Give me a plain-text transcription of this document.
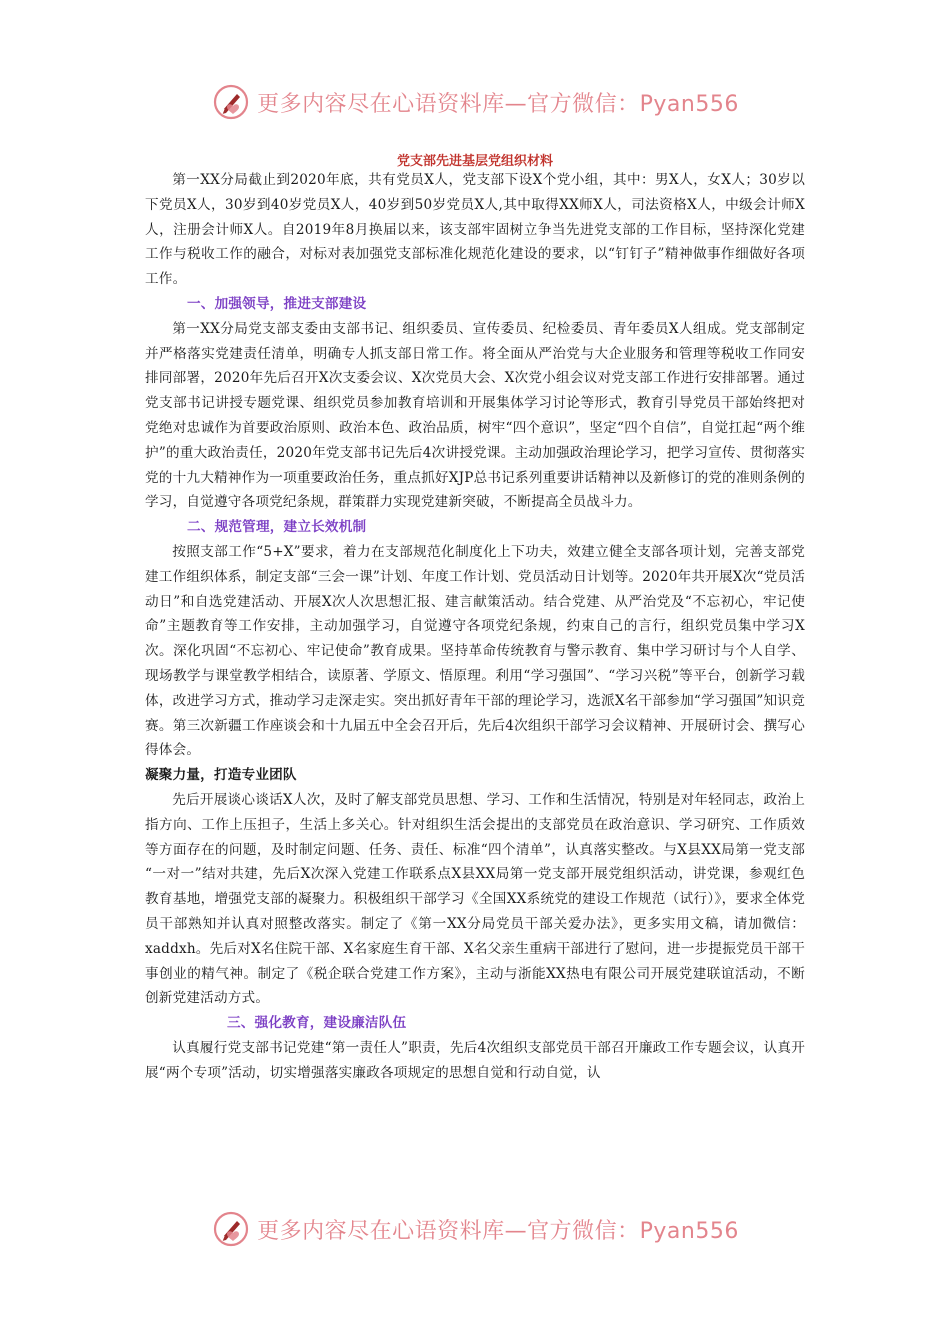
更多内容尽在心语资料库—官方微信：Pyan556
党支部先进基层党组织材料

第一XX分局截止到2020年底，共有党员X人，党支部下设X个党小组，其中：男X人，女X人；30岁以下党员X人，30岁到40岁党员X人，40岁到50岁党员X人,其中取得XX师X人，司法资格X人，中级会计师X人，注册会计师X人。自2019年8月换届以来，该支部牢固树立争当先进党支部的工作目标，坚持深化党建工作与税收工作的融合，对标对表加强党支部标准化规范化建设的要求，以“钉钉子”精神做事作细做好各项工作。

一、加强领导，推进支部建设

第一XX分局党支部支委由支部书记、组织委员、宣传委员、纪检委员、青年委员X人组成。党支部制定并严格落实党建责任清单，明确专人抓支部日常工作。将全面从严治党与大企业服务和管理等税收工作同安排同部署，2020年先后召开X次支委会议、X次党员大会、X次党小组会议对党支部工作进行安排部署。通过党支部书记讲授专题党课、组织党员参加教育培训和开展集体学习讨论等形式，教育引导党员干部始终把对党绝对忠诚作为首要政治原则、政治本色、政治品质，树牢“四个意识”，坚定“四个自信”，自觉扛起“两个维护”的重大政治责任，2020年党支部书记先后4次讲授党课。主动加强政治理论学习，把学习宣传、贯彻落实党的十九大精神作为一项重要政治任务，重点抓好XJP总书记系列重要讲话精神以及新修订的党的准则条例的学习，自觉遵守各项党纪条规，群策群力实现党建新突破，不断提高全员战斗力。

二、规范管理，建立长效机制

按照支部工作“5+X”要求，着力在支部规范化制度化上下功夫，效建立健全支部各项计划，完善支部党建工作组织体系，制定支部“三会一课”计划、年度工作计划、党员活动日计划等。2020年共开展X次“党员活动日”和自选党建活动、开展X次人次思想汇报、建言献策活动。结合党建、从严治党及“不忘初心，牢记使命”主题教育等工作安排，主动加强学习，自觉遵守各项党纪条规，约束自己的言行，组织党员集中学习X次。深化巩固“不忘初心、牢记使命”教育成果。坚持革命传统教育与警示教育、集中学习研讨与个人自学、现场教学与课堂教学相结合，读原著、学原文、悟原理。利用“学习强国”、“学习兴税”等平台，创新学习载体，改进学习方式，推动学习走深走实。突出抓好青年干部的理论学习，选派X名干部参加“学习强国”知识竞赛。第三次新疆工作座谈会和十九届五中全会召开后，先后4次组织干部学习会议精神、开展研讨会、撰写心得体会。

凝聚力量，打造专业团队

先后开展谈心谈话X人次，及时了解支部党员思想、学习、工作和生活情况，特别是对年轻同志，政治上指方向、工作上压担子，生活上多关心。针对组织生活会提出的支部党员在政治意识、学习研究、工作质效等方面存在的问题，及时制定问题、任务、责任、标准“四个清单”，认真落实整改。与X县XX局第一党支部 “一对一”结对共建，先后X次深入党建工作联系点X县XX局第一党支部开展党组织活动，讲党课，参观红色教育基地，增强党支部的凝聚力。积极组织干部学习《全国XX系统党的建设工作规范（试行）》，要求全体党员干部熟知并认真对照整改落实。制定了《第一XX分局党员干部关爱办法》，更多实用文稿，请加微信：xaddxh。先后对X名住院干部、X名家庭生育干部、X名父亲生重病干部进行了慰问，进一步提振党员干部干事创业的精气神。制定了《税企联合党建工作方案》，主动与浙能XX热电有限公司开展党建联谊活动，不断创新党建活动方式。

三、强化教育，建设廉洁队伍

认真履行党支部书记党建“第一责任人”职责，先后4次组织支部党员干部召开廉政工作专题会议，认真开展“两个专项”活动，切实增强落实廉政各项规定的思想自觉和行动自觉，认

更多内容尽在心语资料库—官方微信：Pyan556
